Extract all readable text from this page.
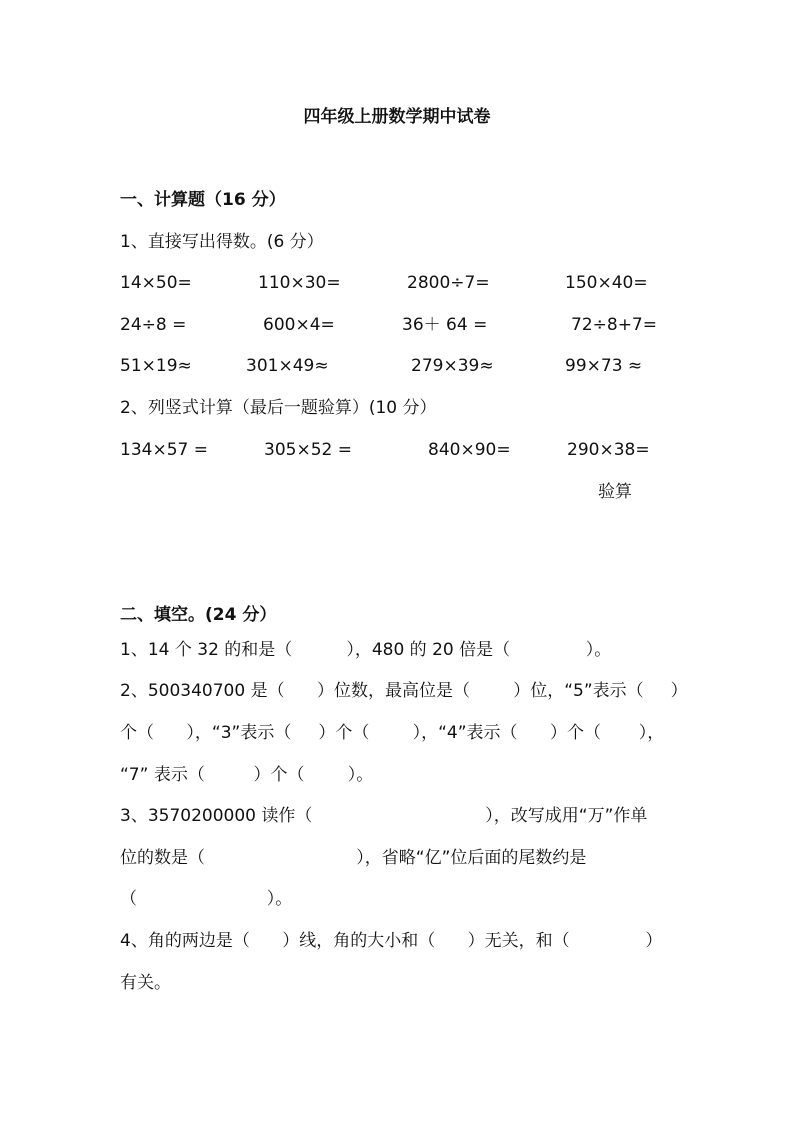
四年级上册数学期中试卷
一、计算题（16 分）
1、直接写出得数。(6 分）
14×50=	110×30=	2800÷7=	150×40=
24÷8 =	600×4=	36＋ 64 =	72÷8+7=
51×19≈	301×49≈	279×39≈	99×73 ≈
2、列竖式计算（最后一题验算）(10 分）
134×57 =	305×52 =	840×90=	290×38=
验算
二、填空。(24 分）
1、14 个 32 的和是（          ），480 的 20 倍是（              ）。
2、500340700 是（      ）位数，最高位是（        ）位，“5”表示（     ）
个（      ），“3”表示（     ）个（        ），“4”表示（      ）个（       ），
“7” 表示（         ）个（        ）。
3、3570200000 读作（                                ），改写成用“万”作单
位的数是（                            ），省略“亿”位后面的尾数约是
（                        ）。
4、角的两边是（      ）线，角的大小和（      ）无关，和（              ）
有关。
